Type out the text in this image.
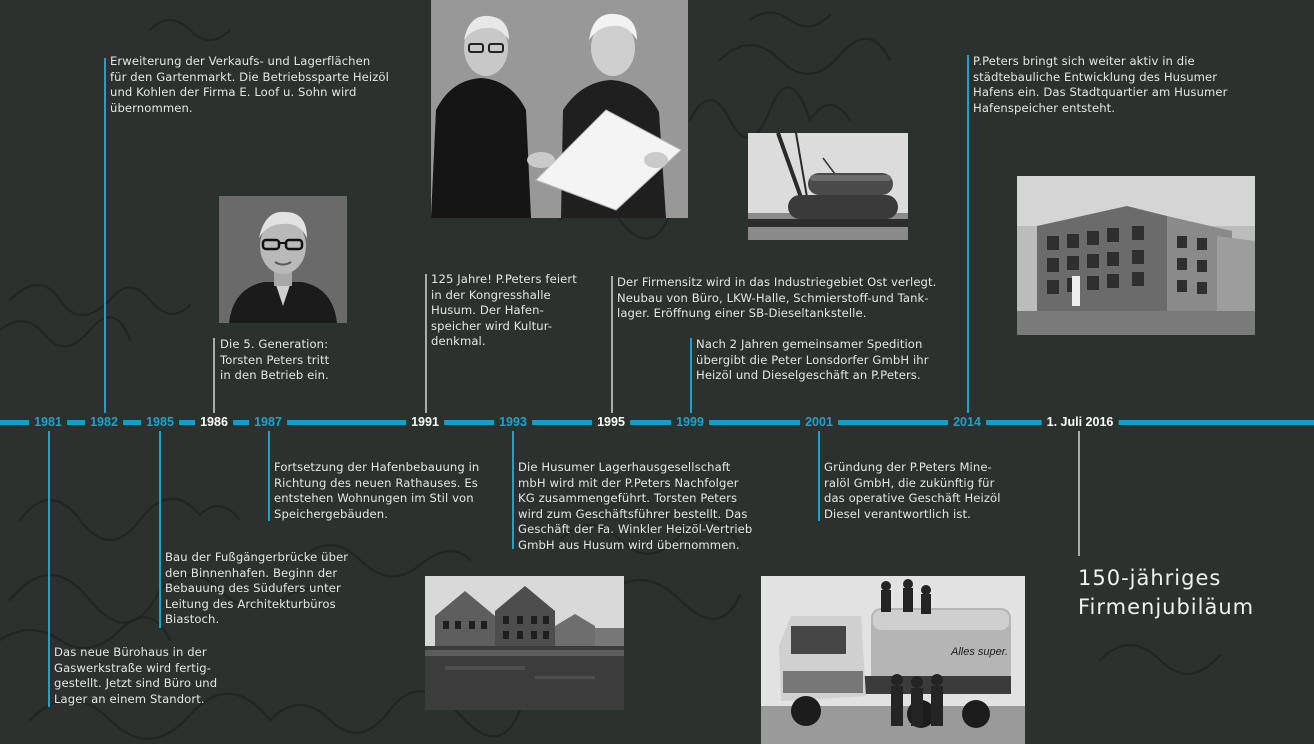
1981	1982	1985	1986	1987	1991	1993	1995	1999	2001	2014	1. Juli 2016
Das neue Bürohaus in der
Gaswerkstraße wird fertig-
gestellt. Jetzt sind Büro und
Lager an einem Standort.
Erweiterung der Verkaufs- und Lagerflächen
für den Gartenmarkt. Die Betriebssparte Heizöl
und Kohlen der Firma E. Loof u. Sohn wird
übernommen.
Bau der Fußgängerbrücke über
den Binnenhafen. Beginn der
Bebauung des Südufers unter
Leitung des Architekturbüros
Biastoch.
Die 5. Generation:
Torsten Peters tritt
in den Betrieb ein.
Fortsetzung der Hafenbebauung in
Richtung des neuen Rathauses. Es
entstehen Wohnungen im Stil von
Speichergebäuden.
125 Jahre! P.Peters feiert
in der Kongresshalle
Husum. Der Hafen-
speicher wird Kultur-
denkmal.
Die Husumer Lagerhausgesellschaft
mbH wird mit der P.Peters Nachfolger
KG zusammengeführt. Torsten Peters
wird zum Geschäftsführer bestellt. Das
Geschäft der Fa. Winkler Heizöl-Vertrieb
GmbH aus Husum wird übernommen.
Der Firmensitz wird in das Industriegebiet Ost verlegt.
Neubau von Büro, LKW-Halle, Schmierstoff-und Tank-
lager. Eröffnung einer SB-Dieseltankstelle.
Nach 2 Jahren gemeinsamer Spedition
übergibt die Peter Lonsdorfer GmbH ihr
Heizöl und Dieselgeschäft an P.Peters.
Gründung der P.Peters Mine-
ralöl GmbH, die zukünftig für
das operative Geschäft Heizöl
Diesel verantwortlich ist.
P.Peters bringt sich weiter aktiv in die
städtebauliche Entwicklung des Husumer
Hafens ein. Das Stadtquartier am Husumer
Hafenspeicher entsteht.
150-jähriges
Firmenjubiläum
Alles super.
